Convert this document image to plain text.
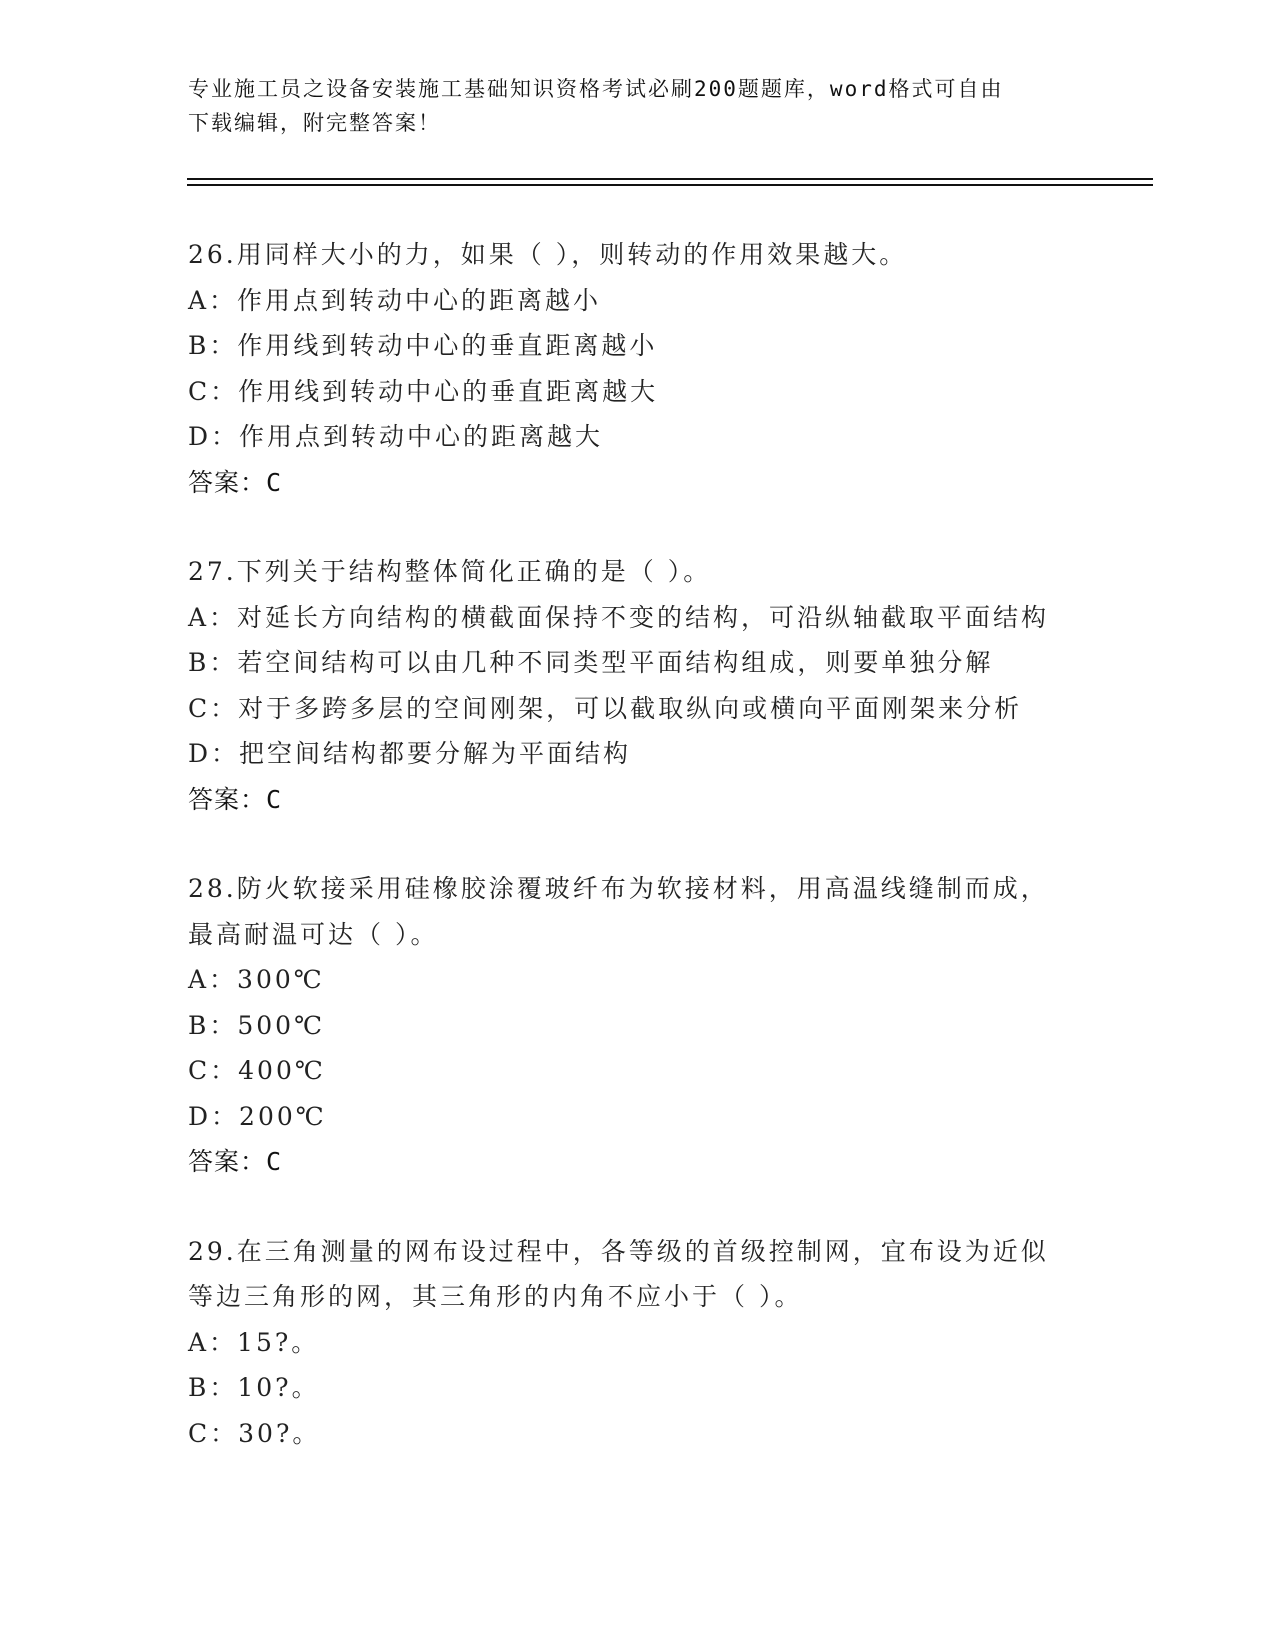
专业施工员之设备安装施工基础知识资格考试必刷200题题库，word格式可自由
下载编辑，附完整答案！

26.用同样大小的力，如果（ ），则转动的作用效果越大。

A：作用点到转动中心的距离越小

B：作用线到转动中心的垂直距离越小

C：作用线到转动中心的垂直距离越大

D：作用点到转动中心的距离越大

答案：C

27.下列关于结构整体简化正确的是（ ）。

A：对延长方向结构的横截面保持不变的结构，可沿纵轴截取平面结构

B：若空间结构可以由几种不同类型平面结构组成，则要单独分解

C：对于多跨多层的空间刚架，可以截取纵向或横向平面刚架来分析

D：把空间结构都要分解为平面结构

答案：C

28.防火软接采用硅橡胶涂覆玻纤布为软接材料，用高温线缝制而成，

最高耐温可达（ ）。

A：300℃

B：500℃

C：400℃

D：200℃

答案：C

29.在三角测量的网布设过程中，各等级的首级控制网，宜布设为近似

等边三角形的网，其三角形的内角不应小于（ ）。

A：15?。

B：10?。

C：30?。
